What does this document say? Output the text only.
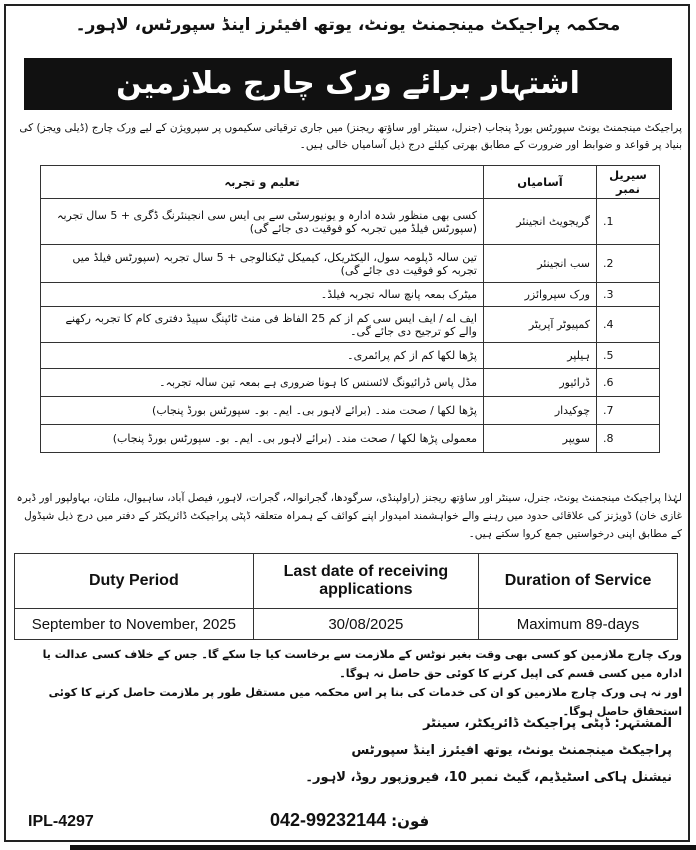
محکمہ پراجیکٹ مینجمنٹ یونٹ، یوتھ افیئرز اینڈ سپورٹس، لاہور۔
اشتہار برائے ورک چارج ملازمین
پراجیکٹ مینجمنٹ یونٹ سپورٹس بورڈ پنجاب (جنرل، سینٹر اور ساؤتھ ریجنز) میں جاری ترقیاتی سکیموں پر سپرویژن کے لیے ورک چارج (ڈیلی ویجز) کی بنیاد پر قواعد و ضوابط اور ضرورت کے مطابق بھرتی کیلئے درج ذیل آسامیاں خالی ہیں۔
سیریل نمبر	آسامیاں	تعلیم و تجربہ
1.	گریجویٹ انجینئر	کسی بھی منظور شدہ ادارہ و یونیورسٹی سے بی ایس سی انجینئرنگ ڈگری + 5 سال تجربہ (سپورٹس فیلڈ میں تجربہ کو فوقیت دی جائے گی)
2.	سب انجینئر	تین سالہ ڈپلومہ سول، الیکٹریکل، کیمیکل ٹیکنالوجی + 5 سال تجربہ (سپورٹس فیلڈ میں تجربہ کو فوقیت دی جائے گی)
3.	ورک سپروائزر	میٹرک بمعہ پانچ سالہ تجربہ فیلڈ۔
4.	کمپیوٹر آپریٹر	ایف اے / ایف ایس سی کم از کم 25 الفاظ فی منٹ ٹائپنگ سپیڈ دفتری کام کا تجربہ رکھنے والے کو ترجیح دی جائے گی۔
5.	ہیلپر	پڑھا لکھا کم از کم پرائمری۔
6.	ڈرائیور	مڈل پاس ڈرائیونگ لائسنس کا ہونا ضروری ہے بمعہ تین سالہ تجربہ۔
7.	چوکیدار	پڑھا لکھا / صحت مند۔ (برائے لاہور بی۔ ایم۔ بو۔ سپورٹس بورڈ پنجاب)
8.	سویپر	معمولی پڑھا لکھا / صحت مند۔ (برائے لاہور بی۔ ایم۔ بو۔ سپورٹس بورڈ پنجاب)
لہٰذا پراجیکٹ مینجمنٹ یونٹ، جنرل، سینٹر اور ساؤتھ ریجنز (راولپنڈی، سرگودھا، گجرانوالہ، گجرات، لاہور، فیصل آباد، ساہیوال، ملتان، بہاولپور اور ڈیرہ غازی خان) ڈویژنز کی علاقائی حدود میں رہنے والے خواہشمند امیدوار اپنے کوائف کے ہمراہ متعلقہ ڈپٹی پراجیکٹ ڈائریکٹر کے دفتر میں درج ذیل شیڈول کے مطابق اپنی درخواستیں جمع کروا سکتے ہیں۔
Duty Period	Last date of receiving applications	Duration of Service
September to November, 2025	30/08/2025	Maximum 89-days
ورک چارج ملازمین کو کسی بھی وقت بغیر نوٹس کے ملازمت سے برخاست کیا جا سکے گا۔ جس کے خلاف کسی عدالت یا ادارہ میں کسی قسم کی اپیل کرنے کا کوئی حق حاصل نہ ہوگا۔
اور نہ ہی ورک چارج ملازمین کو ان کی خدمات کی بنا پر اس محکمہ میں مستقل طور پر ملازمت حاصل کرنے کا کوئی استحقاق حاصل ہوگا۔
المشتہر: ڈپٹی پراجیکٹ ڈائریکٹر، سینٹر
پراجیکٹ مینجمنٹ یونٹ، یوتھ افیئرز اینڈ سپورٹس
نیشنل ہاکی اسٹیڈیم، گیٹ نمبر 10، فیروزپور روڈ، لاہور۔
IPL-4297	042-99232144 فون:
